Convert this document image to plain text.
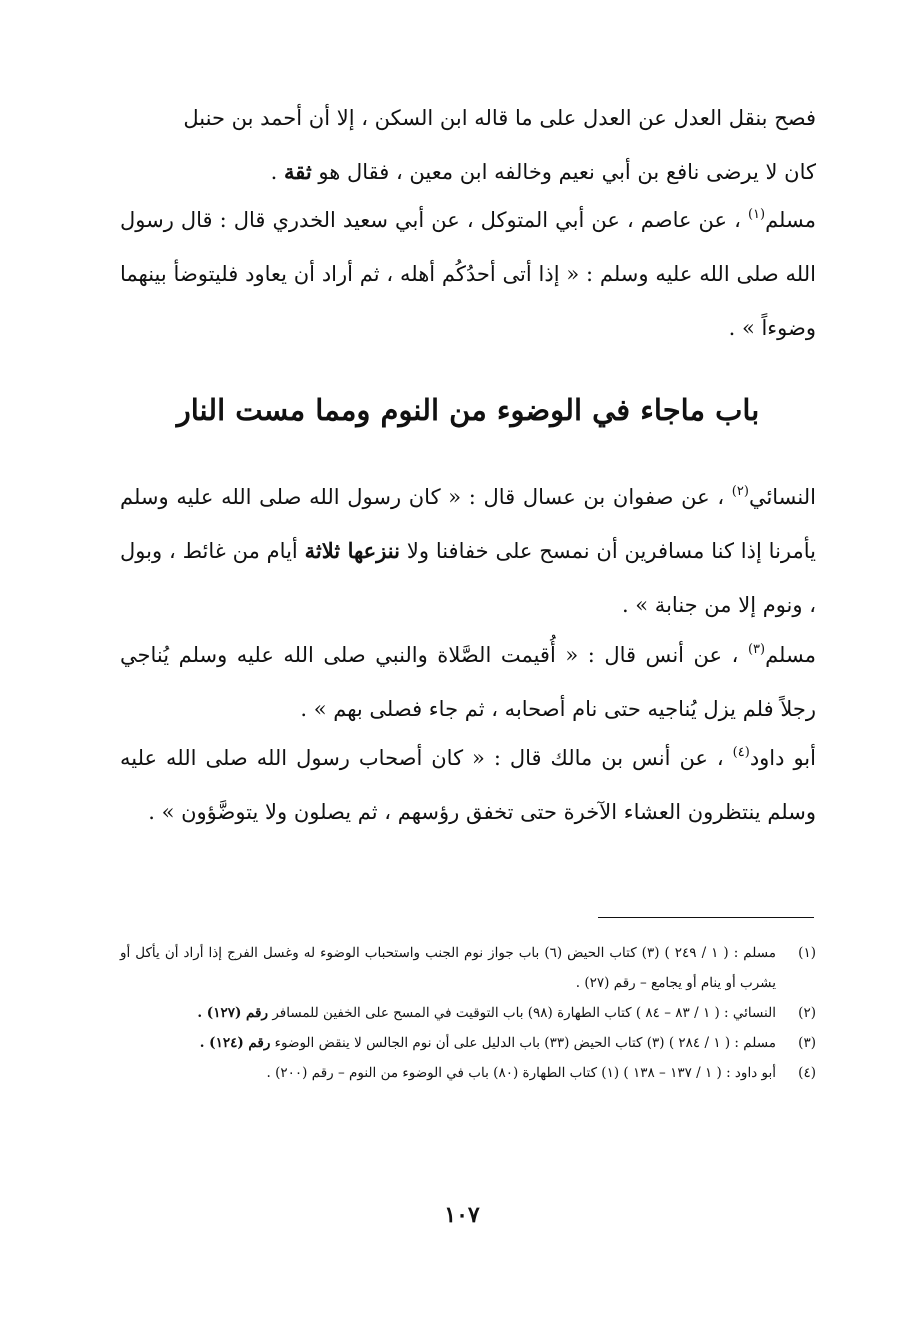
فصح بنقل العدل عن العدل على ما قاله ابن السكن ، إلا أن أحمد بن حنبل
كان لا يرضى نافع بن أبي نعيم وخالفه ابن معين ، فقال هو ثقة .

مسلم$^{(١)}$ ، عن عاصم ، عن أبي المتوكل ، عن أبي سعيد الخدري قال : قال رسول الله صلى الله عليه وسلم : « إذا أتى أحدُكُم أهله ، ثم أراد أن يعاود فليتوضأ بينهما وضوءاً » .

باب ماجاء في الوضوء من النوم ومما مست النار

النسائي$^{(٢)}$ ، عن صفوان بن عسال قال : « كان رسول الله صلى الله عليه وسلم يأمرنا إذا كنا مسافرين أن نمسح على خفافنا ولا ننزعها ثلاثة أيام من غائط ، وبول ، ونوم إلا من جنابة » .

مسلم$^{(٣)}$ ، عن أنس قال : « أُقيمت الصَّلاة والنبي صلى الله عليه وسلم يُناجي رجلاً فلم يزل يُناجيه حتى نام أصحابه ، ثم جاء فصلى بهم » .

أبو داود$^{(٤)}$ ، عن أنس بن مالك قال : « كان أصحاب رسول الله صلى الله عليه وسلم ينتظرون العشاء الآخرة حتى تخفق رؤسهم ، ثم يصلون ولا يتوضَّؤون » .

(١)
مسلم : ( ١ / ٢٤٩ ) (٣) كتاب الحيض (٦) باب جواز نوم الجنب واستحباب الوضوء له وغسل الفرج إذا أراد أن يأكل أو يشرب أو ينام أو يجامع – رقم (٢٧) .
(٢)
النسائي : ( ١ / ٨٣ – ٨٤ ) كتاب الطهارة (٩٨) باب التوقيت في المسح على الخفين للمسافر رقم (١٢٧) .
(٣)
مسلم : ( ١ / ٢٨٤ ) (٣) كتاب الحيض (٣٣) باب الدليل على أن نوم الجالس لا ينقض الوضوء رقم (١٢٤) .
(٤)
أبو داود : ( ١ / ١٣٧ – ١٣٨ ) (١) كتاب الطهارة (٨٠) باب في الوضوء من النوم – رقم (٢٠٠) .
١٠٧
